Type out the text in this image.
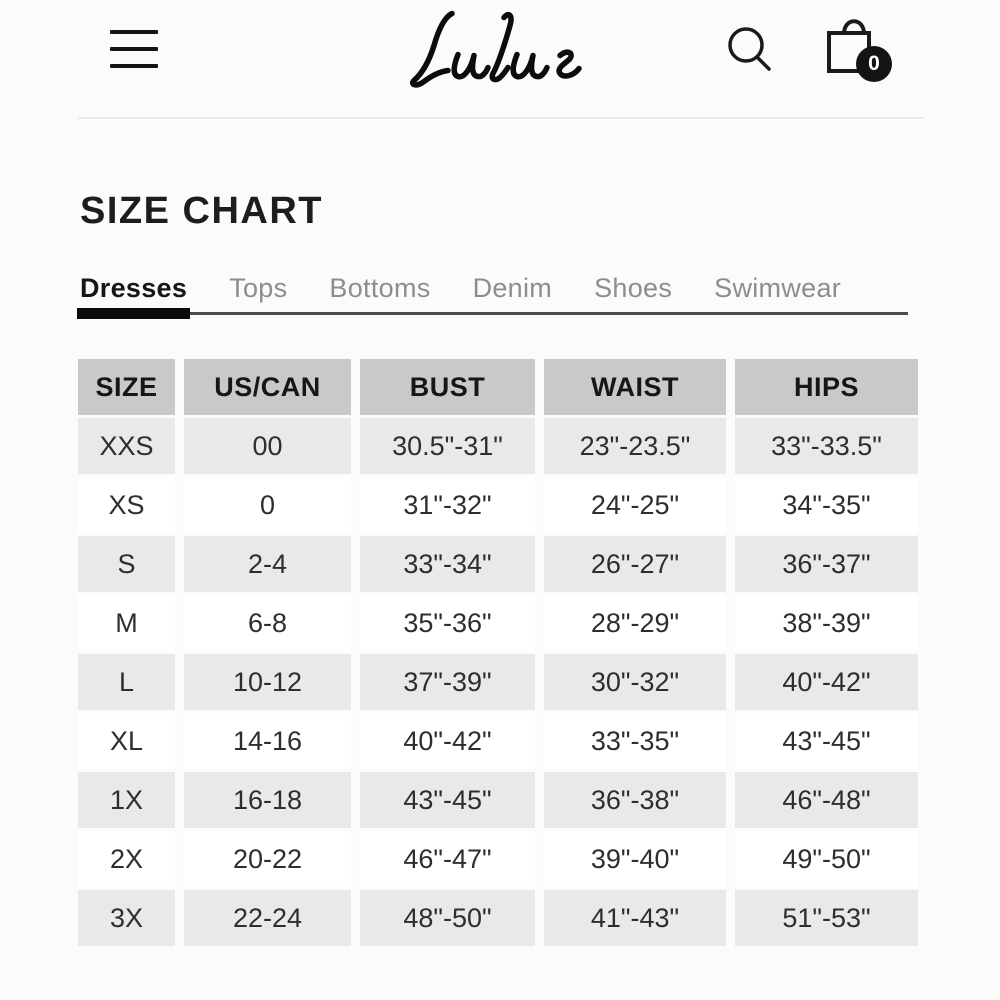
0
SIZE CHART
Dresses Tops Bottoms Denim Shoes Swimwear
SIZE	US/CAN	BUST	WAIST	HIPS
XXS	00	30.5"-31"	23"-23.5"	33"-33.5"
XS	0	31"-32"	24"-25"	34"-35"
S	2-4	33"-34"	26"-27"	36"-37"
M	6-8	35"-36"	28"-29"	38"-39"
L	10-12	37"-39"	30"-32"	40"-42"
XL	14-16	40"-42"	33"-35"	43"-45"
1X	16-18	43"-45"	36"-38"	46"-48"
2X	20-22	46"-47"	39"-40"	49"-50"
3X	22-24	48"-50"	41"-43"	51"-53"
